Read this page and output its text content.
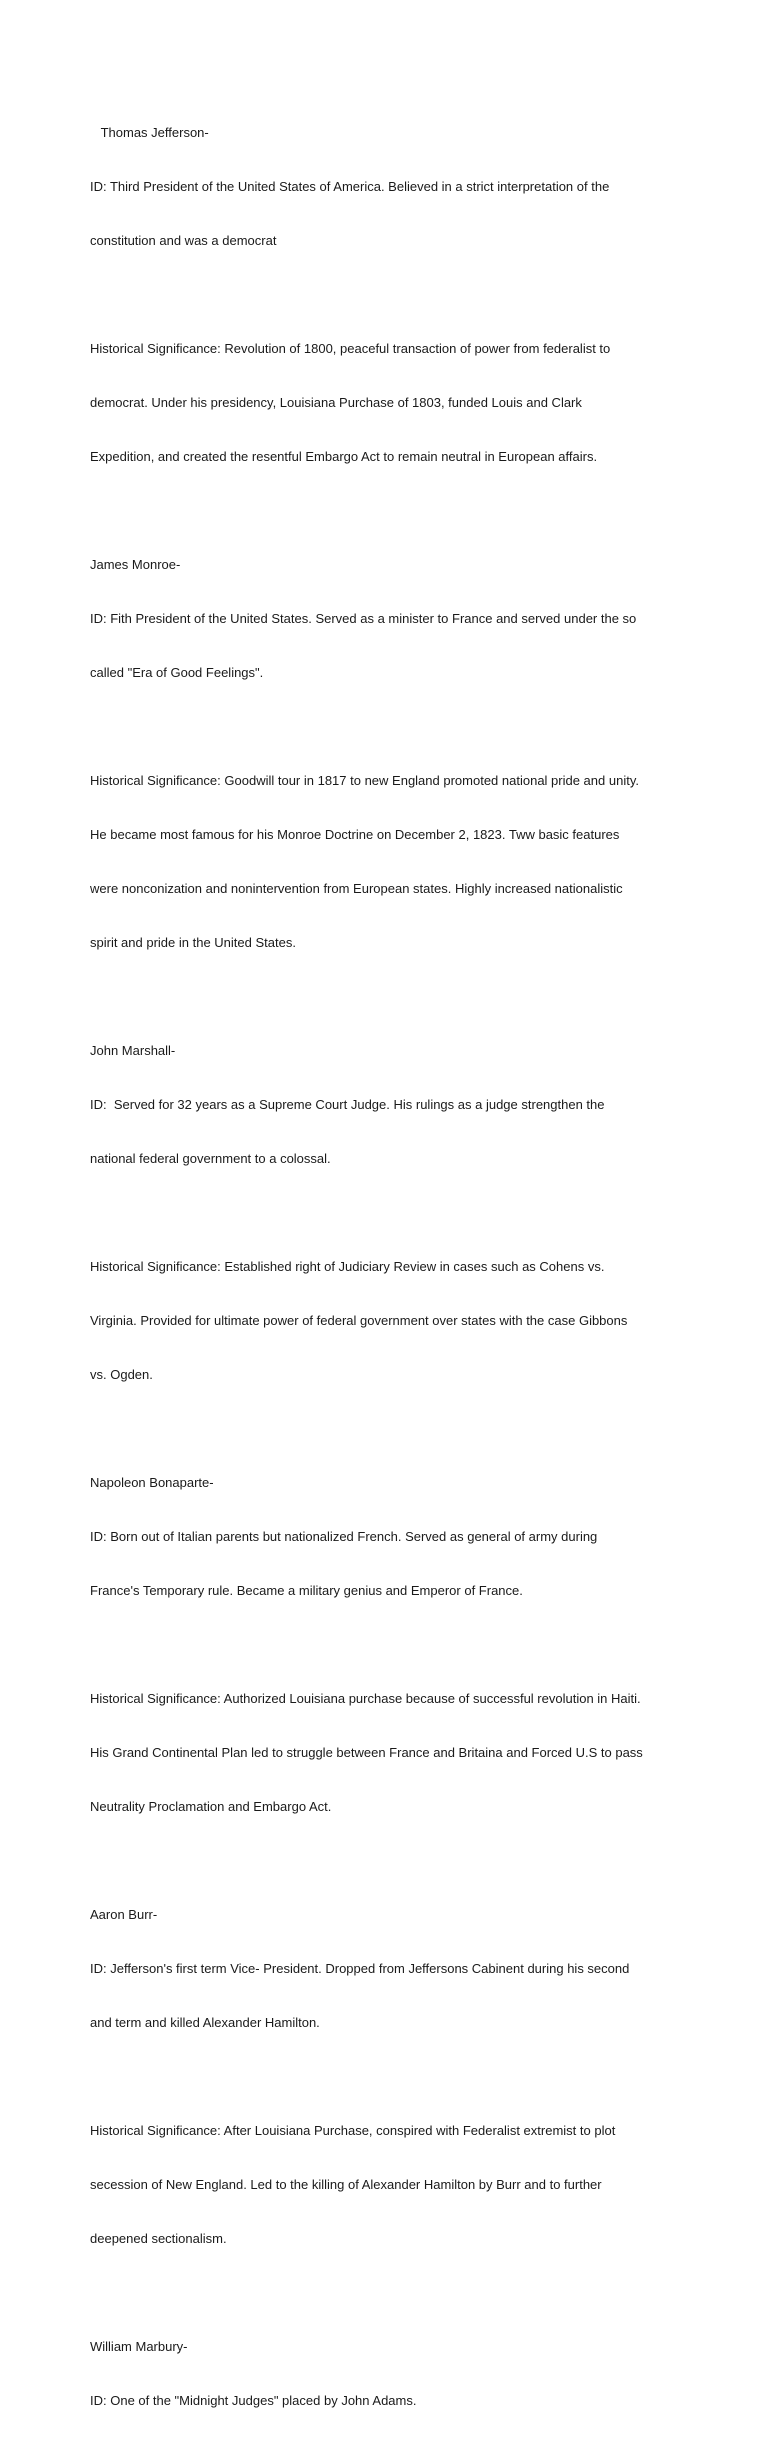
Thomas Jefferson-

ID: Third President of the United States of America. Believed in a strict interpretation of the

constitution and was a democrat

Historical Significance: Revolution of 1800, peaceful transaction of power from federalist to

democrat. Under his presidency, Louisiana Purchase of 1803, funded Louis and Clark

Expedition, and created the resentful Embargo Act to remain neutral in European affairs.

James Monroe-

ID: Fith President of the United States. Served as a minister to France and served under the so

called "Era of Good Feelings".

Historical Significance: Goodwill tour in 1817 to new England promoted national pride and unity.

He became most famous for his Monroe Doctrine on December 2, 1823. Tww basic features

were nonconization and nonintervention from European states. Highly increased nationalistic

spirit and pride in the United States.

John Marshall-

ID:  Served for 32 years as a Supreme Court Judge. His rulings as a judge strengthen the

national federal government to a colossal.

Historical Significance: Established right of Judiciary Review in cases such as Cohens vs.

Virginia. Provided for ultimate power of federal government over states with the case Gibbons

vs. Ogden.

Napoleon Bonaparte-

ID: Born out of Italian parents but nationalized French. Served as general of army during

France's Temporary rule. Became a military genius and Emperor of France.

Historical Significance: Authorized Louisiana purchase because of successful revolution in Haiti.

His Grand Continental Plan led to struggle between France and Britaina and Forced U.S to pass

Neutrality Proclamation and Embargo Act.

Aaron Burr-

ID: Jefferson's first term Vice- President. Dropped from Jeffersons Cabinent during his second

and term and killed Alexander Hamilton.

Historical Significance: After Louisiana Purchase, conspired with Federalist extremist to plot

secession of New England. Led to the killing of Alexander Hamilton by Burr and to further

deepened sectionalism.

William Marbury-

ID: One of the "Midnight Judges" placed by John Adams.
